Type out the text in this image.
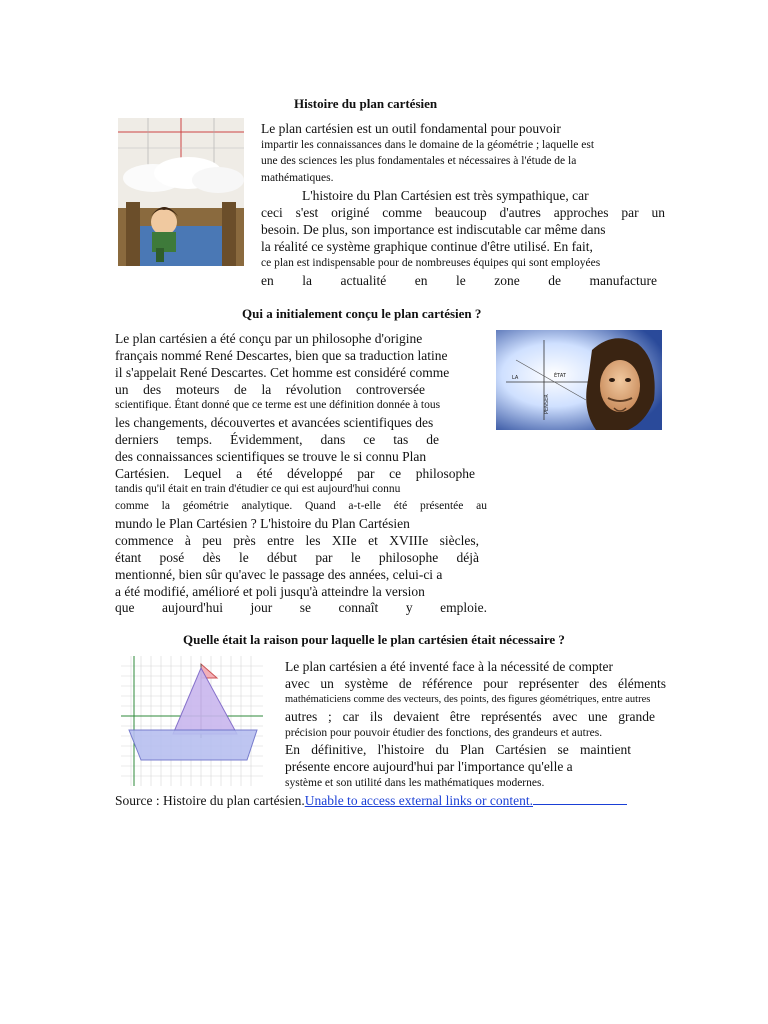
Histoire du plan cartésien
Le plan cartésien est un outil fondamental pour pouvoir
impartir les connaissances dans le domaine de la géométrie ; laquelle est
une des sciences les plus fondamentales et nécessaires à l'étude de la
mathématiques.
L'histoire du Plan Cartésien est très sympathique, car
ceci s'est originé comme beaucoup d'autres approches par un
besoin. De plus, son importance est indiscutable car même dans
la réalité ce système graphique continue d'être utilisé. En fait,
ce plan est indispensable pour de nombreuses équipes qui sont employées
en la actualité en le zone de manufacture
Qui a initialement conçu le plan cartésien ?
Le plan cartésien a été conçu par un philosophe d'origine
français nommé René Descartes, bien que sa traduction latine
il s'appelait René Descartes. Cet homme est considéré comme
un des moteurs de la révolution controversée
scientifique. Étant donné que ce terme est une définition donnée à tous
les changements, découvertes et avancées scientifiques des
derniers temps. Évidemment, dans ce tas de
des connaissances scientifiques se trouve le si connu Plan
Cartésien. Lequel a été développé par ce philosophe
tandis qu'il était en train d'étudier ce qui est aujourd'hui connu
comme la géométrie analytique. Quand a-t-elle été présentée au
mundo le Plan Cartésien ? L'histoire du Plan Cartésien
commence à peu près entre les XIIe et XVIIIe siècles,
étant posé dès le début par le philosophe déjà
mentionné, bien sûr qu'avec le passage des années, celui-ci a
a été modifié, amélioré et poli jusqu'à atteindre la version
que aujourd'hui jour se connaît y emploie.
LA
PENSER
ÉTAT
Quelle était la raison pour laquelle le plan cartésien était nécessaire ?
Le plan cartésien a été inventé face à la nécessité de compter
avec un système de référence pour représenter des éléments
mathématiciens comme des vecteurs, des points, des figures géométriques, entre autres
autres ; car ils devaient être représentés avec une grande
précision pour pouvoir étudier des fonctions, des grandeurs et autres.
En définitive, l'histoire du Plan Cartésien se maintient
présente encore aujourd'hui par l'importance qu'elle a
système et son utilité dans les mathématiques modernes.
Source : Histoire du plan cartésien.Unable to access external links or content.
